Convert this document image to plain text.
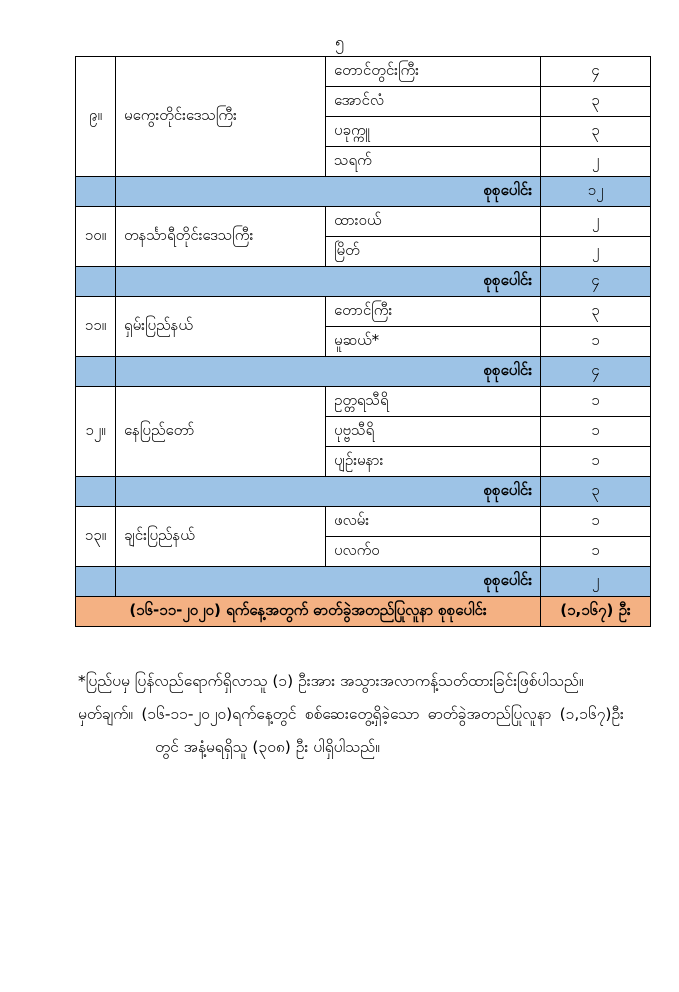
၅
၉။	မကွေးတိုင်းဒေသကြီး	တောင်တွင်းကြီး	၄
		အောင်လံ	၃
		ပခုက္ကူ	၃
		သရက်	၂
	စုစုပေါင်း		၁၂
၁၀။	တနင်္သာရီတိုင်းဒေသကြီး	ထားဝယ်	၂
		မြိတ်	၂
	စုစုပေါင်း		၄
၁၁။	ရှမ်းပြည်နယ်	တောင်ကြီး	၃
		မူဆယ်*	၁
	စုစုပေါင်း		၄
၁၂။	နေပြည်တော်	ဥတ္တရသီရိ	၁
		ပုဗ္ဗသီရိ	၁
		ပျဉ်းမနား	၁
	စုစုပေါင်း		၃
၁၃။	ချင်းပြည်နယ်	ဖလမ်း	၁
		ပလက်ဝ	၁
	စုစုပေါင်း		၂
(၁၆-၁၁-၂၀၂၀) ရက်နေ့အတွက် ဓာတ်ခွဲအတည်ပြုလူနာ စုစုပေါင်း			(၁,၁၆၇) ဦး

*ပြည်ပမှ ပြန်လည်ရောက်ရှိလာသူ (၁) ဦးအား အသွားအလာကန့်သတ်ထားခြင်းဖြစ်ပါသည်။

မှတ်ချက်။ (၁၆-၁၁-၂၀၂၀)ရက်နေ့တွင် စစ်ဆေးတွေ့ရှိခဲ့သော ဓာတ်ခွဲအတည်ပြုလူနာ (၁,၁၆၇)ဦး

တွင် အနံ့မရရှိသူ (၃၀၈) ဦး ပါရှိပါသည်။
